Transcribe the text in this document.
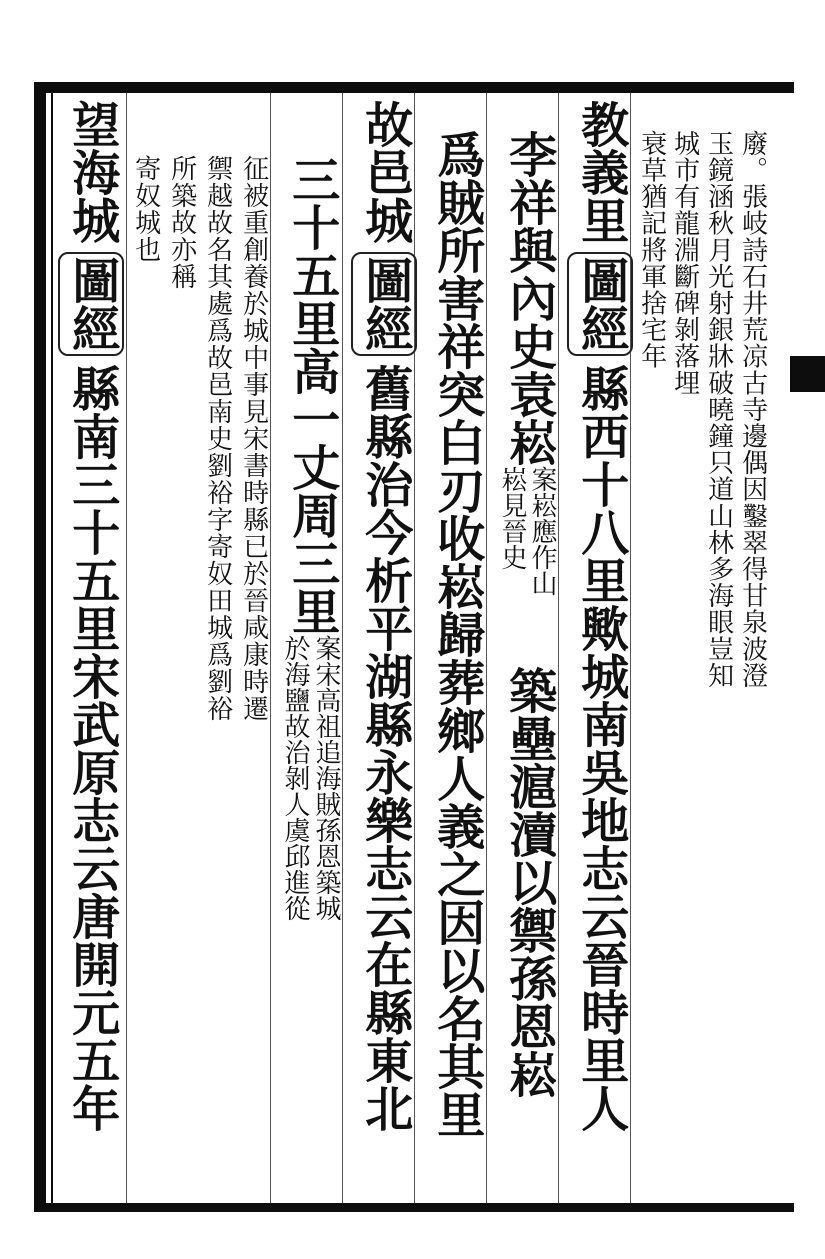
廢。張岐詩石井荒凉古寺邊偶因鑿翠得甘泉波澄
玉鏡涵秋月光射銀牀破曉鐘只道山林多海眼豈知
城市有龍淵斷碑剝落埋
衰草猶記將軍捨宅年
教義里
圖經
縣西十八里歟城南吳地志云晉時里人
李祥與內史袁崧
案崧應作山
崧見晉史
築壘滬瀆以禦孫恩崧
爲賊所害祥突白刃收崧歸葬鄉人義之因以名其里
故邑城
圖經
舊縣治今析平湖縣永樂志云在縣東北
三十五里高一丈周三里
案宋高祖追海賊孫恩築城
於海鹽故治剝人虞邱進從
征被重創養於城中事見宋書時縣已於晉咸康時遷
禦越故名其處爲故邑南史劉裕字寄奴田城爲劉裕
所築故亦稱
寄奴城也
望海城
圖經
縣南三十五里宋武原志云唐開元五年
